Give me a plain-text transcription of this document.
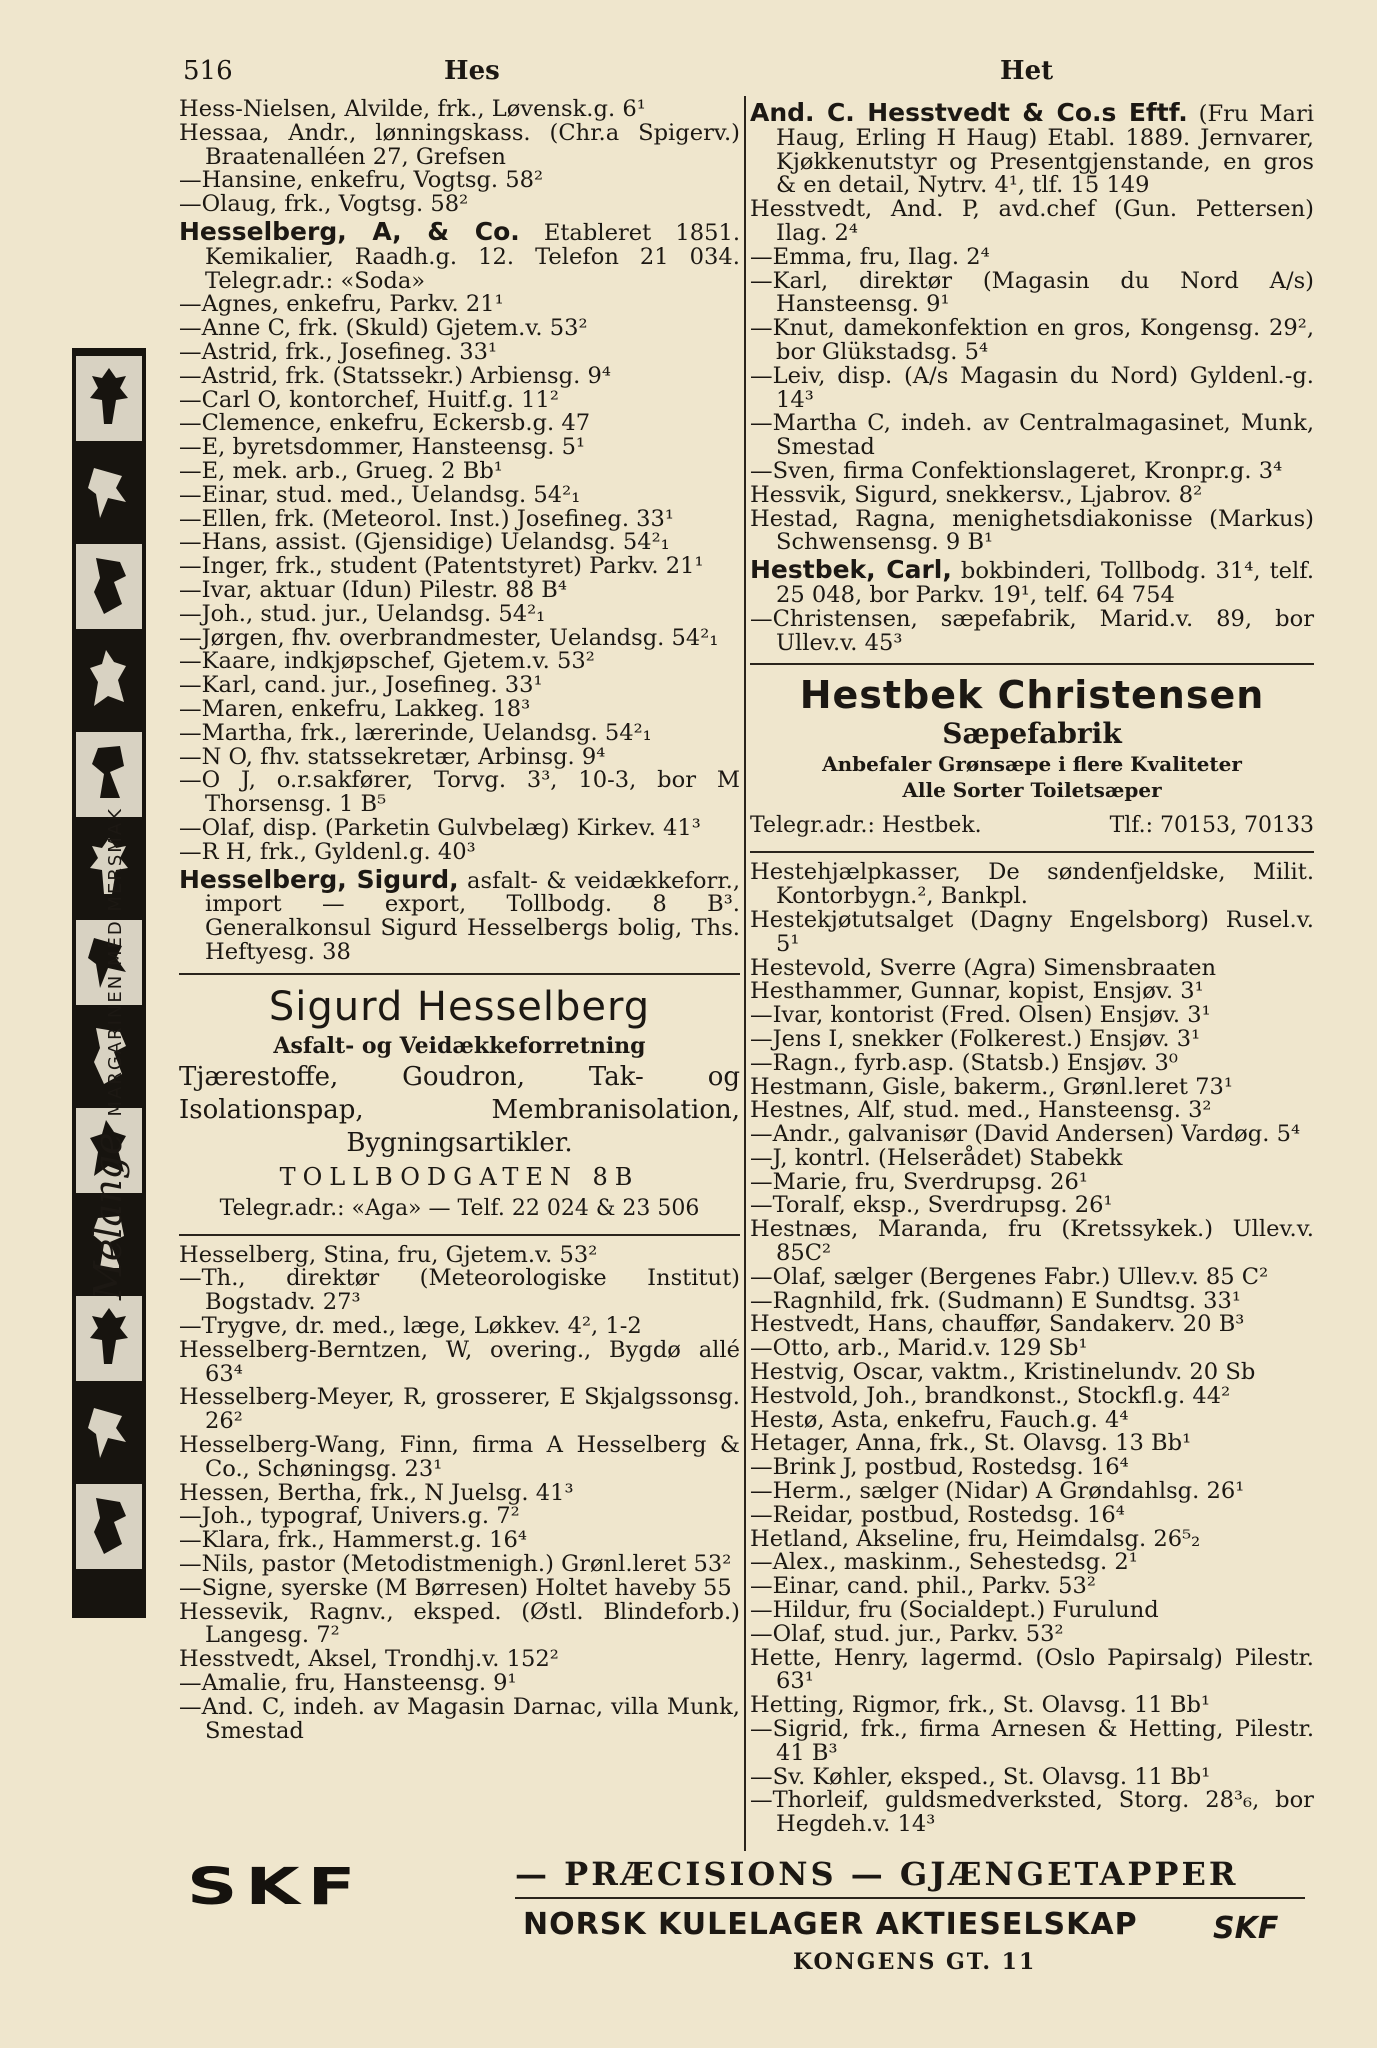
516	Hes	Het

Hess-Nielsen, Alvilde, frk., Løvensk.g. 6¹

Hessaa, Andr., lønningskass. (Chr.a Spigerv.) Braatenalléen 27, Grefsen

—Hansine, enkefru, Vogtsg. 58²

—Olaug, frk., Vogtsg. 58²

Hesselberg, A, & Co. Etableret 1851. Kemikalier, Raadh.g. 12. Telefon 21 034. Telegr.adr.: «Soda»

—Agnes, enkefru, Parkv. 21¹

—Anne C, frk. (Skuld) Gjetem.v. 53²

—Astrid, frk., Josefineg. 33¹

—Astrid, frk. (Statssekr.) Arbiensg. 9⁴

—Carl O, kontorchef, Huitf.g. 11²

—Clemence, enkefru, Eckersb.g. 47

—E, byretsdommer, Hansteensg. 5¹

—E, mek. arb., Grueg. 2 Bb¹

—Einar, stud. med., Uelandsg. 54²₁

—Ellen, frk. (Meteorol. Inst.) Josefineg. 33¹

—Hans, assist. (Gjensidige) Uelandsg. 54²₁

—Inger, frk., student (Patentstyret) Parkv. 21¹

—Ivar, aktuar (Idun) Pilestr. 88 B⁴

—Joh., stud. jur., Uelandsg. 54²₁

—Jørgen, fhv. overbrandmester, Uelandsg. 54²₁

—Kaare, indkjøpschef, Gjetem.v. 53²

—Karl, cand. jur., Josefineg. 33¹

—Maren, enkefru, Lakkeg. 18³

—Martha, frk., lærerinde, Uelandsg. 54²₁

—N O, fhv. statssekretær, Arbinsg. 9⁴

—O J, o.r.sakfører, Torvg. 3³, 10-3, bor M Thorsensg. 1 B⁵

—Olaf, disp. (Parketin Gulvbelæg) Kirkev. 41³

—R H, frk., Gyldenl.g. 40³

Hesselberg, Sigurd, asfalt- & veidækkeforr., import — export, Tollbodg. 8 B³. Generalkonsul Sigurd Hesselbergs bolig, Ths. Heftyesg. 38

Sigurd Hesselberg
Asfalt- og Veidækkeforretning
Tjærestoffe, Goudron, Tak- og Isolationspap, Membranisolation, Bygningsartikler.
TOLLBODGATEN 8B
Telegr.adr.: «Aga» — Telf. 22 024 & 23 506

Hesselberg, Stina, fru, Gjetem.v. 53²

—Th., direktør (Meteorologiske Institut) Bogstadv. 27³

—Trygve, dr. med., læge, Løkkev. 4², 1-2

Hesselberg-Berntzen, W, overing., Bygdø allé 63⁴

Hesselberg-Meyer, R, grosserer, E Skjalgssonsg. 26²

Hesselberg-Wang, Finn, firma A Hesselberg & Co., Schøningsg. 23¹

Hessen, Bertha, frk., N Juelsg. 41³

—Joh., typograf, Univers.g. 7²

—Klara, frk., Hammerst.g. 16⁴

—Nils, pastor (Metodistmenigh.) Grønl.leret 53²

—Signe, syerske (M Børresen) Holtet haveby 55

Hessevik, Ragnv., eksped. (Østl. Blindeforb.) Langesg. 7²

Hesstvedt, Aksel, Trondhj.v. 152²

—Amalie, fru, Hansteensg. 9¹

—And. C, indeh. av Magasin Darnac, villa Munk, Smestad

And. C. Hesstvedt & Co.s Eftf. (Fru Mari Haug, Erling H Haug) Etabl. 1889. Jernvarer, Kjøkkenutstyr og Presentgjenstande, en gros & en detail, Nytrv. 4¹, tlf. 15 149

Hesstvedt, And. P, avd.chef (Gun. Pettersen) Ilag. 2⁴

—Emma, fru, Ilag. 2⁴

—Karl, direktør (Magasin du Nord A/s) Hansteensg. 9¹

—Knut, damekonfektion en gros, Kongensg. 29², bor Glükstadsg. 5⁴

—Leiv, disp. (A/s Magasin du Nord) Gyldenl.-g. 14³

—Martha C, indeh. av Centralmagasinet, Munk, Smestad

—Sven, firma Confektionslageret, Kronpr.g. 3⁴

Hessvik, Sigurd, snekkersv., Ljabrov. 8²

Hestad, Ragna, menighetsdiakonisse (Markus) Schwensensg. 9 B¹

Hestbek, Carl, bokbinderi, Tollbodg. 31⁴, telf. 25 048, bor Parkv. 19¹, telf. 64 754

—Christensen, sæpefabrik, Marid.v. 89, bor Ullev.v. 45³

Hestbek Christensen
Sæpefabrik
Anbefaler Grønsæpe i flere Kvaliteter
Alle Sorter Toiletsæper
Telegr.adr.: Hestbek.	Tlf.: 70153, 70133

Hestehjælpkasser, De søndenfjeldske, Milit. Kontorbygn.², Bankpl.

Hestekjøtutsalget (Dagny Engelsborg) Rusel.v. 5¹

Hestevold, Sverre (Agra) Simensbraaten

Hesthammer, Gunnar, kopist, Ensjøv. 3¹

—Ivar, kontorist (Fred. Olsen) Ensjøv. 3¹

—Jens I, snekker (Folkerest.) Ensjøv. 3¹

—Ragn., fyrb.asp. (Statsb.) Ensjøv. 3⁰

Hestmann, Gisle, bakerm., Grønl.leret 73¹

Hestnes, Alf, stud. med., Hansteensg. 3²

—Andr., galvanisør (David Andersen) Vardøg. 5⁴

—J, kontrl. (Helserådet) Stabekk

—Marie, fru, Sverdrupsg. 26¹

—Toralf, eksp., Sverdrupsg. 26¹

Hestnæs, Maranda, fru (Kretssykek.) Ullev.v. 85C²

—Olaf, sælger (Bergenes Fabr.) Ullev.v. 85 C²

—Ragnhild, frk. (Sudmann) E Sundtsg. 33¹

Hestvedt, Hans, chauffør, Sandakerv. 20 B³

—Otto, arb., Marid.v. 129 Sb¹

Hestvig, Oscar, vaktm., Kristinelundv. 20 Sb

Hestvold, Joh., brandkonst., Stockfl.g. 44²

Hestø, Asta, enkefru, Fauch.g. 4⁴

Hetager, Anna, frk., St. Olavsg. 13 Bb¹

—Brink J, postbud, Rostedsg. 16⁴

—Herm., sælger (Nidar) A Grøndahlsg. 26¹

—Reidar, postbud, Rostedsg. 16⁴

Hetland, Akseline, fru, Heimdalsg. 26⁵₂

—Alex., maskinm., Sehestedsg. 2¹

—Einar, cand. phil., Parkv. 53²

—Hildur, fru (Socialdept.) Furulund

—Olaf, stud. jur., Parkv. 53²

Hette, Henry, lagermd. (Oslo Papirsalg) Pilestr. 63¹

Hetting, Rigmor, frk., St. Olavsg. 11 Bb¹

—Sigrid, frk., firma Arnesen & Hetting, Pilestr. 41 B³

—Sv. Køhler, eksped., St. Olavsg. 11 Bb¹

—Thorleif, guldsmedverksted, Storg. 28³₆, bor Hegdeh.v. 14³

MelangeMARGARINEN MED MERSMAK
SKF	— PRÆCISIONS — GJÆNGETAPPER
NORSK KULELAGER AKTIESELSKAP	SKF
KONGENS GT. 11
